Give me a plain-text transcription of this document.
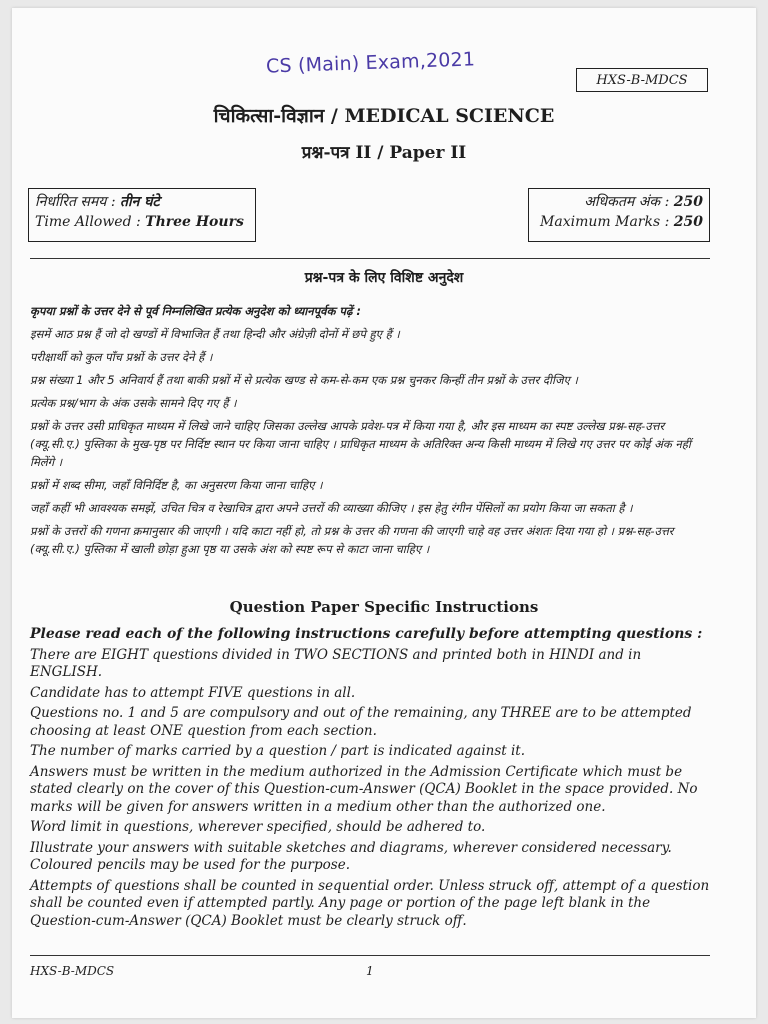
CS (Main) Exam,2021
HXS-B-MDCS
चिकित्सा-विज्ञान / MEDICAL SCIENCE
प्रश्न-पत्र II / Paper II
निर्धारित समय : तीन घंटे
Time Allowed : Three Hours
अधिकतम अंक : 250
Maximum Marks : 250
प्रश्न-पत्र के लिए विशिष्ट अनुदेश

कृपया प्रश्नों के उत्तर देने से पूर्व निम्नलिखित प्रत्येक अनुदेश को ध्यानपूर्वक पढ़ें :

इसमें आठ प्रश्न हैं जो दो खण्डों में विभाजित हैं तथा हिन्दी और अंग्रेज़ी दोनों में छपे हुए हैं ।

परीक्षार्थी को कुल पाँच प्रश्नों के उत्तर देने हैं ।

प्रश्न संख्या 1 और 5 अनिवार्य हैं तथा बाकी प्रश्नों में से प्रत्येक खण्ड से कम-से-कम एक प्रश्न चुनकर किन्हीं तीन प्रश्नों के उत्तर दीजिए ।

प्रत्येक प्रश्न/भाग के अंक उसके सामने दिए गए हैं ।

प्रश्नों के उत्तर उसी प्राधिकृत माध्यम में लिखे जाने चाहिए जिसका उल्लेख आपके प्रवेश-पत्र में किया गया है, और इस माध्यम का स्पष्ट उल्लेख प्रश्न-सह-उत्तर (क्यू.सी.ए.) पुस्तिका के मुख-पृष्ठ पर निर्दिष्ट स्थान पर किया जाना चाहिए । प्राधिकृत माध्यम के अतिरिक्त अन्य किसी माध्यम में लिखे गए उत्तर पर कोई अंक नहीं मिलेंगे ।

प्रश्नों में शब्द सीमा, जहाँ विनिर्दिष्ट है, का अनुसरण किया जाना चाहिए ।

जहाँ कहीं भी आवश्यक समझें, उचित चित्र व रेखाचित्र द्वारा अपने उत्तरों की व्याख्या कीजिए । इस हेतु रंगीन पेंसिलों का प्रयोग किया जा सकता है ।

प्रश्नों के उत्तरों की गणना क्रमानुसार की जाएगी । यदि काटा नहीं हो, तो प्रश्न के उत्तर की गणना की जाएगी चाहे वह उत्तर अंशतः दिया गया हो । प्रश्न-सह-उत्तर (क्यू.सी.ए.) पुस्तिका में खाली छोड़ा हुआ पृष्ठ या उसके अंश को स्पष्ट रूप से काटा जाना चाहिए ।

Question Paper Specific Instructions

Please read each of the following instructions carefully before attempting questions :

There are EIGHT questions divided in TWO SECTIONS and printed both in HINDI and in ENGLISH.

Candidate has to attempt FIVE questions in all.

Questions no. 1 and 5 are compulsory and out of the remaining, any THREE are to be attempted choosing at least ONE question from each section.

The number of marks carried by a question / part is indicated against it.

Answers must be written in the medium authorized in the Admission Certificate which must be stated clearly on the cover of this Question-cum-Answer (QCA) Booklet in the space provided. No marks will be given for answers written in a medium other than the authorized one.

Word limit in questions, wherever specified, should be adhered to.

Illustrate your answers with suitable sketches and diagrams, wherever considered necessary. Coloured pencils may be used for the purpose.

Attempts of questions shall be counted in sequential order. Unless struck off, attempt of a question shall be counted even if attempted partly. Any page or portion of the page left blank in the Question-cum-Answer (QCA) Booklet must be clearly struck off.

HXS-B-MDCS	1
